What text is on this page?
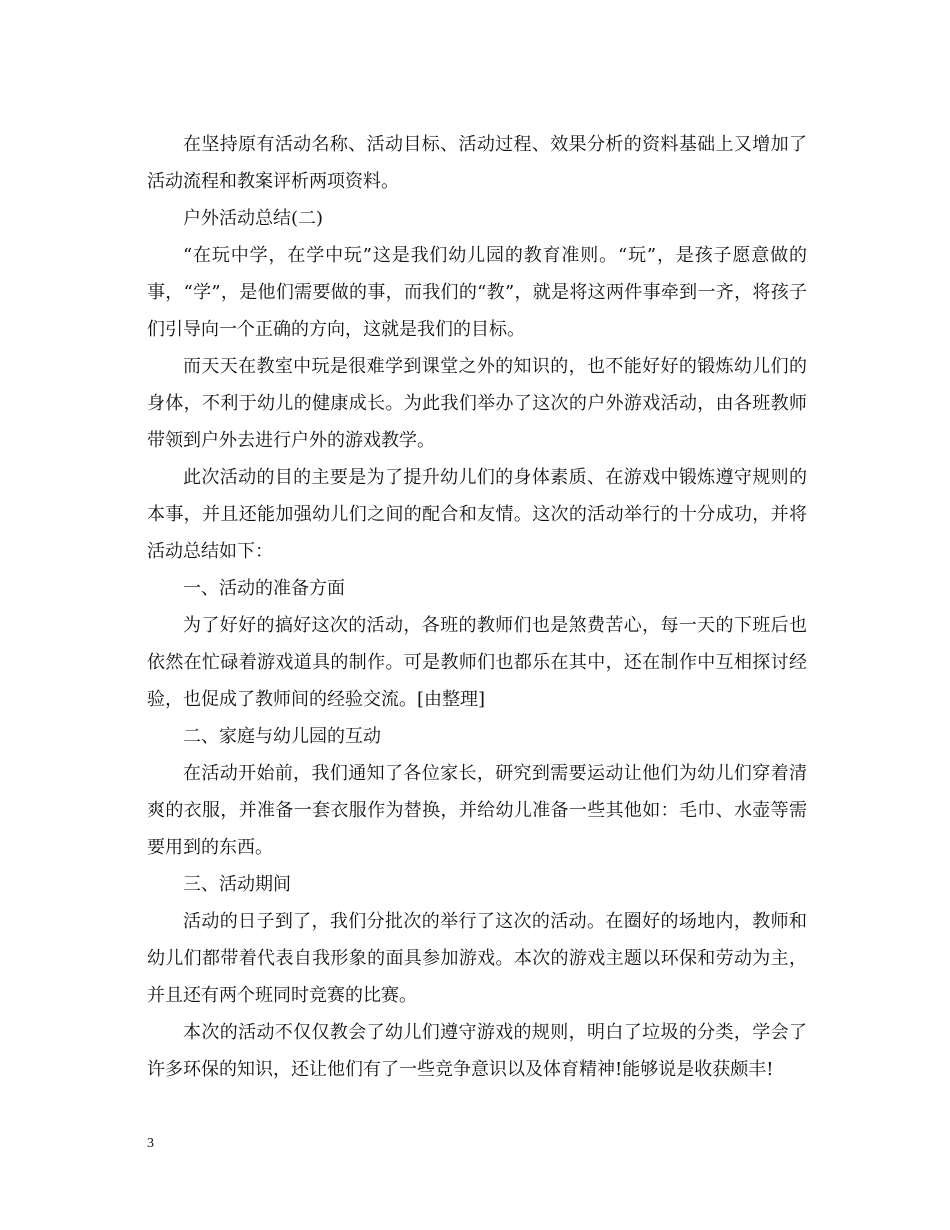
在坚持原有活动名称、活动目标、活动过程、效果分析的资料基础上又增加了活动流程和教案评析两项资料。

户外活动总结(二)

“在玩中学，在学中玩”这是我们幼儿园的教育准则。“玩”，是孩子愿意做的事，“学”，是他们需要做的事，而我们的“教”，就是将这两件事牵到一齐，将孩子们引导向一个正确的方向，这就是我们的目标。

而天天在教室中玩是很难学到课堂之外的知识的，也不能好好的锻炼幼儿们的身体，不利于幼儿的健康成长。为此我们举办了这次的户外游戏活动，由各班教师带领到户外去进行户外的游戏教学。

此次活动的目的主要是为了提升幼儿们的身体素质、在游戏中锻炼遵守规则的本事，并且还能加强幼儿们之间的配合和友情。这次的活动举行的十分成功，并将活动总结如下：

一、活动的准备方面

为了好好的搞好这次的活动，各班的教师们也是煞费苦心，每一天的下班后也依然在忙碌着游戏道具的制作。可是教师们也都乐在其中，还在制作中互相探讨经验，也促成了教师间的经验交流。[由整理]

二、家庭与幼儿园的互动

在活动开始前，我们通知了各位家长，研究到需要运动让他们为幼儿们穿着清爽的衣服，并准备一套衣服作为替换，并给幼儿准备一些其他如：毛巾、水壶等需要用到的东西。

三、活动期间

活动的日子到了，我们分批次的举行了这次的活动。在圈好的场地内，教师和幼儿们都带着代表自我形象的面具参加游戏。本次的游戏主题以环保和劳动为主，并且还有两个班同时竞赛的比赛。

本次的活动不仅仅教会了幼儿们遵守游戏的规则，明白了垃圾的分类，学会了许多环保的知识，还让他们有了一些竞争意识以及体育精神!能够说是收获颇丰!

3
